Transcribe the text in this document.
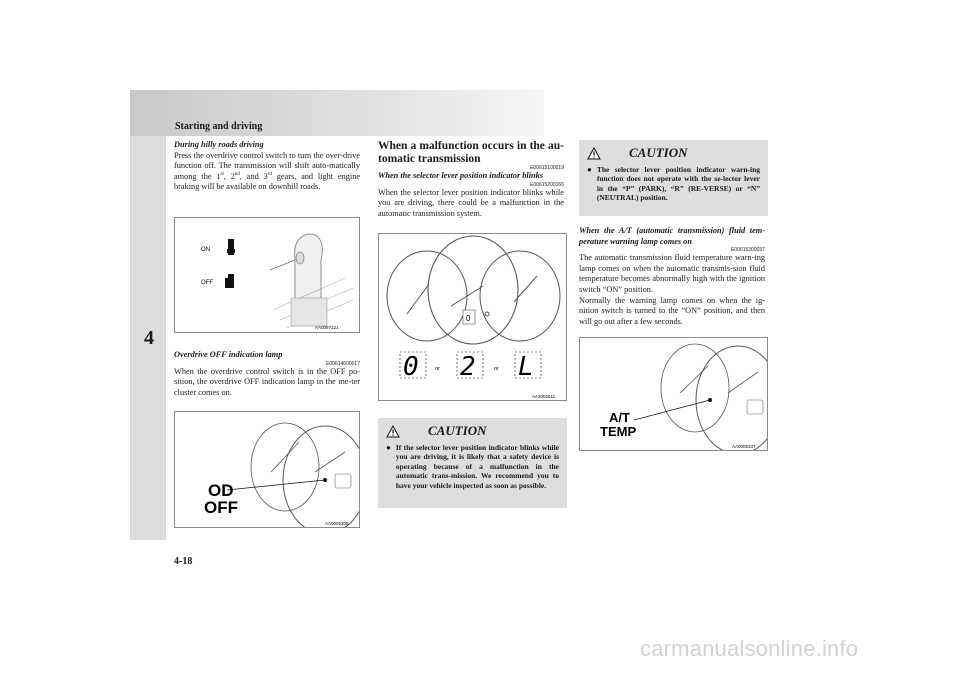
Starting and driving
4
During hilly roads driving

Press the overdrive control switch to turn the over-drive function off. The transmission will shift auto-matically among the 1st, 2nd, and 3rd gears, and light engine braking will be available on downhill roads.

ON
OFF
AA0097121
Overdrive OFF indication lamp
E00614600017

When the overdrive control switch is in the OFF po-sition, the overdrive OFF indication lamp in the me-ter cluster comes on.

OD
OFF
AA0005308
When a malfunction occurs in the au-tomatic transmission
E00615100019
When the selector lever position indicator blinks
E00615200166

When the selector lever position indicator blinks while you are driving, there could be a malfunction in the automatic transmission system.

0
0	or 2	or L
AA3002511
CAUTION
● If the selector lever position indicator blinks while you are driving, it is likely that a safety device is operating because of a malfunction in the automatic trans-mission. We recommend you to have your vehicle inspected as soon as possible.
CAUTION
● The selector lever position indicator warn-ing function does not operate with the se-lector lever in the “P” (PARK), “R” (RE-VERSE) or “N” (NEUTRAL) position.
When the A/T (automatic transmission) fluid tem-perature warning lamp comes on
E00615300037

The automatic transmission fluid temperature warn-ing lamp comes on when the automatic transmis-sion fluid temperature becomes abnormally high with the ignition switch “ON” position.

Normally the warning lamp comes on when the ig-nition switch is turned to the “ON” position, and then will go out after a few seconds.

A/T
TEMP
AA0005337
4-18
carmanualsonline.info
